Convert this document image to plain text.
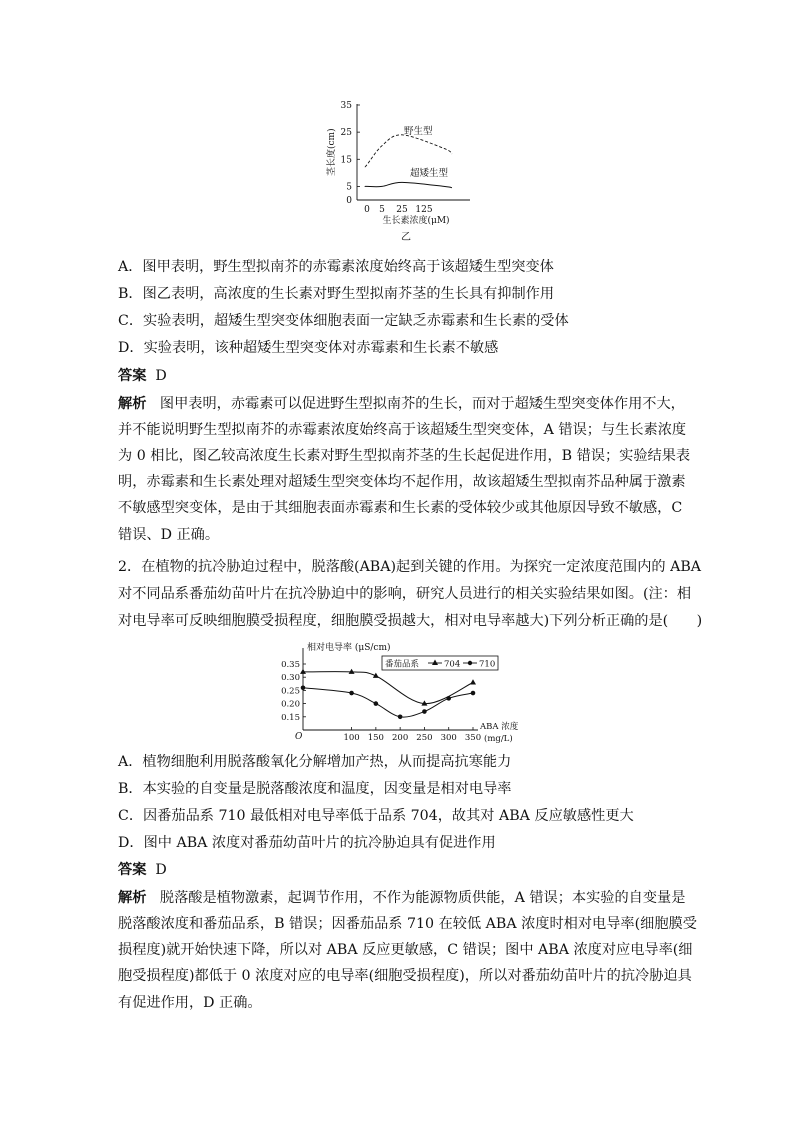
0
5
15
25
35
0 5 25 125
野生型
超矮生型
茎长度(cm)
生长素浓度(μM)
乙
A．图甲表明，野生型拟南芥的赤霉素浓度始终高于该超矮生型突变体
B．图乙表明，高浓度的生长素对野生型拟南芥茎的生长具有抑制作用
C．实验表明，超矮生型突变体细胞表面一定缺乏赤霉素和生长素的受体
D．实验表明，该种超矮生型突变体对赤霉素和生长素不敏感
答案 D
解析 图甲表明，赤霉素可以促进野生型拟南芥的生长，而对于超矮生型突变体作用不大，
并不能说明野生型拟南芥的赤霉素浓度始终高于该超矮生型突变体，A 错误；与生长素浓度
为 0 相比，图乙较高浓度生长素对野生型拟南芥茎的生长起促进作用，B 错误；实验结果表
明，赤霉素和生长素处理对超矮生型突变体均不起作用，故该超矮生型拟南芥品种属于激素
不敏感型突变体，是由于其细胞表面赤霉素和生长素的受体较少或其他原因导致不敏感，C
错误、D 正确。
2．在植物的抗冷胁迫过程中，脱落酸(ABA)起到关键的作用。为探究一定浓度范围内的 ABA
对不同品系番茄幼苗叶片在抗冷胁迫中的影响，研究人员进行的相关实验结果如图。(注：相
对电导率可反映细胞膜受损程度，细胞膜受损越大，相对电导率越大)下列分析正确的是(　　)
相对电导率 (μS/cm)
O
0.15
0.20
0.25
0.30
0.35
100 150 200 250 300 350
番茄品系	704 710
ABA 浓度
(mg/L)
A．植物细胞利用脱落酸氧化分解增加产热，从而提高抗寒能力
B．本实验的自变量是脱落酸浓度和温度，因变量是相对电导率
C．因番茄品系 710 最低相对电导率低于品系 704，故其对 ABA 反应敏感性更大
D．图中 ABA 浓度对番茄幼苗叶片的抗冷胁迫具有促进作用
答案 D
解析 脱落酸是植物激素，起调节作用，不作为能源物质供能，A 错误；本实验的自变量是
脱落酸浓度和番茄品系，B 错误；因番茄品系 710 在较低 ABA 浓度时相对电导率(细胞膜受
损程度)就开始快速下降，所以对 ABA 反应更敏感，C 错误；图中 ABA 浓度对应电导率(细
胞受损程度)都低于 0 浓度对应的电导率(细胞受损程度)，所以对番茄幼苗叶片的抗冷胁迫具
有促进作用，D 正确。
